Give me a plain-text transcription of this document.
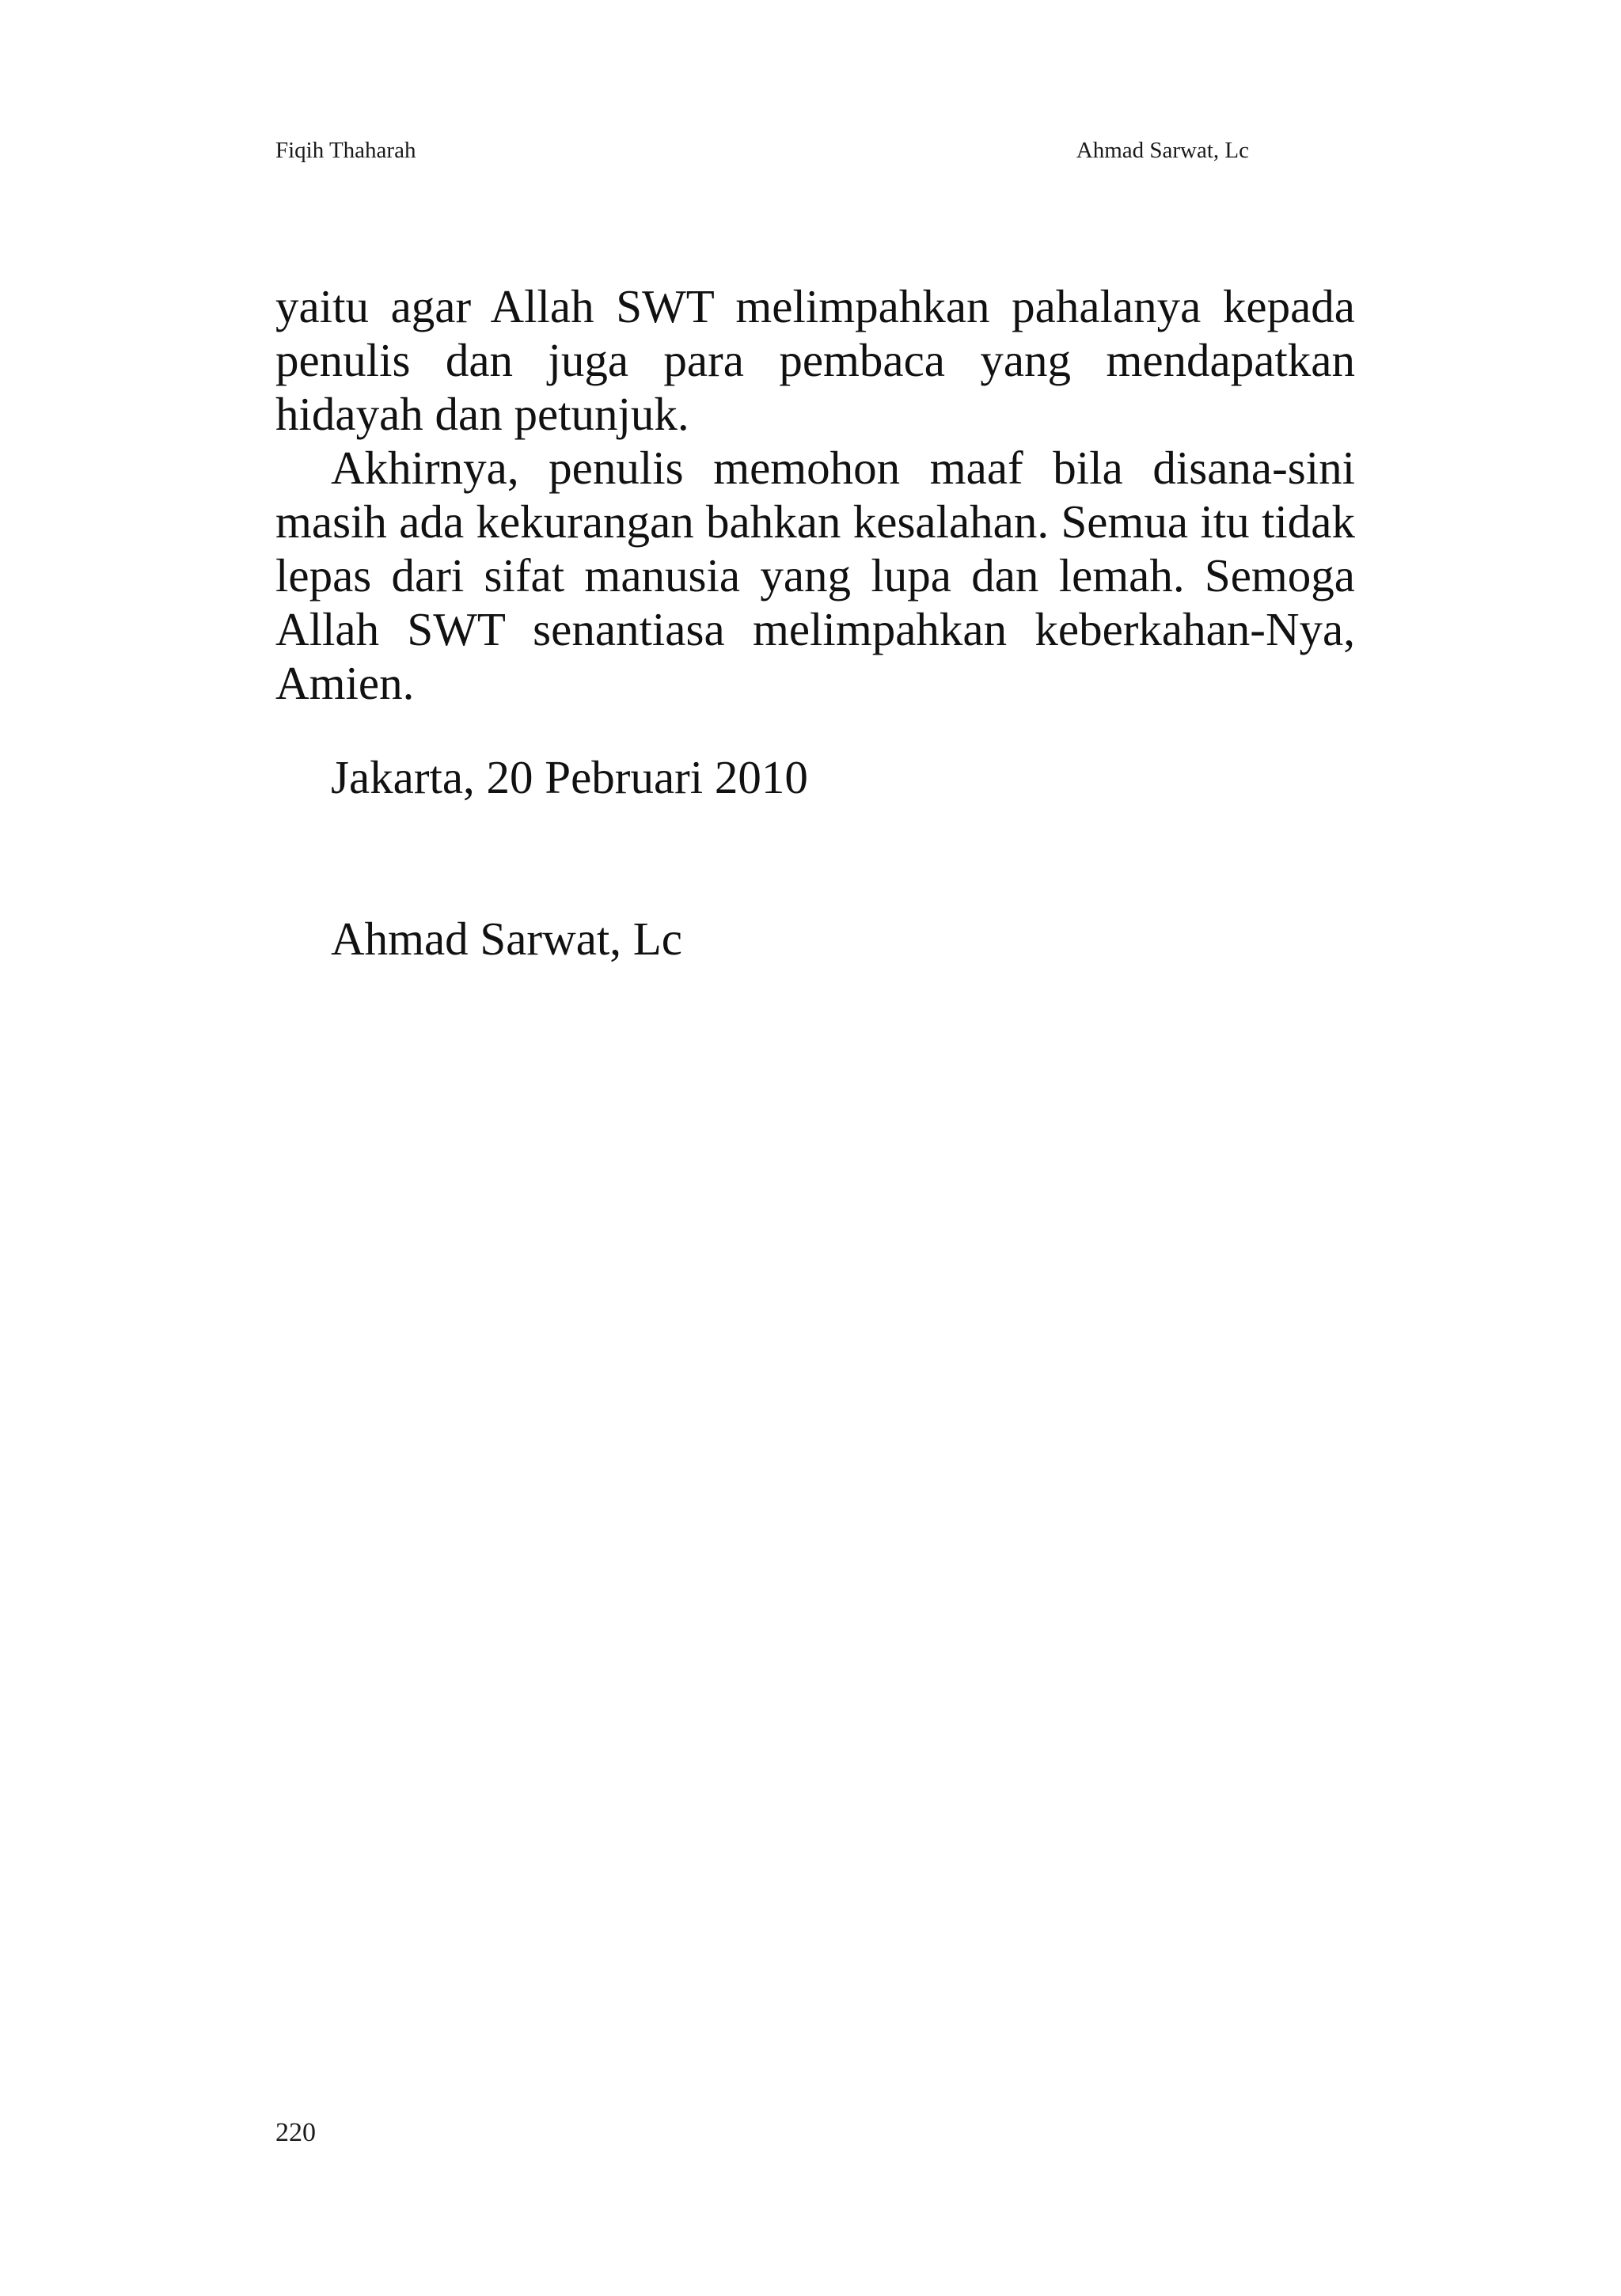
Fiqih Thaharah	Ahmad Sarwat, Lc

yaitu agar Allah SWT melimpahkan pahalanya kepada penulis dan juga para pembaca yang mendapatkan hidayah dan petunjuk.

Akhirnya, penulis memohon maaf bila disana-sini masih ada kekurangan bahkan kesalahan. Semua itu tidak lepas dari sifat manusia yang lupa dan lemah. Semoga Allah SWT senantiasa melimpahkan keberkahan-Nya, Amien.

Jakarta, 20 Pebruari 2010
Ahmad Sarwat, Lc
220
